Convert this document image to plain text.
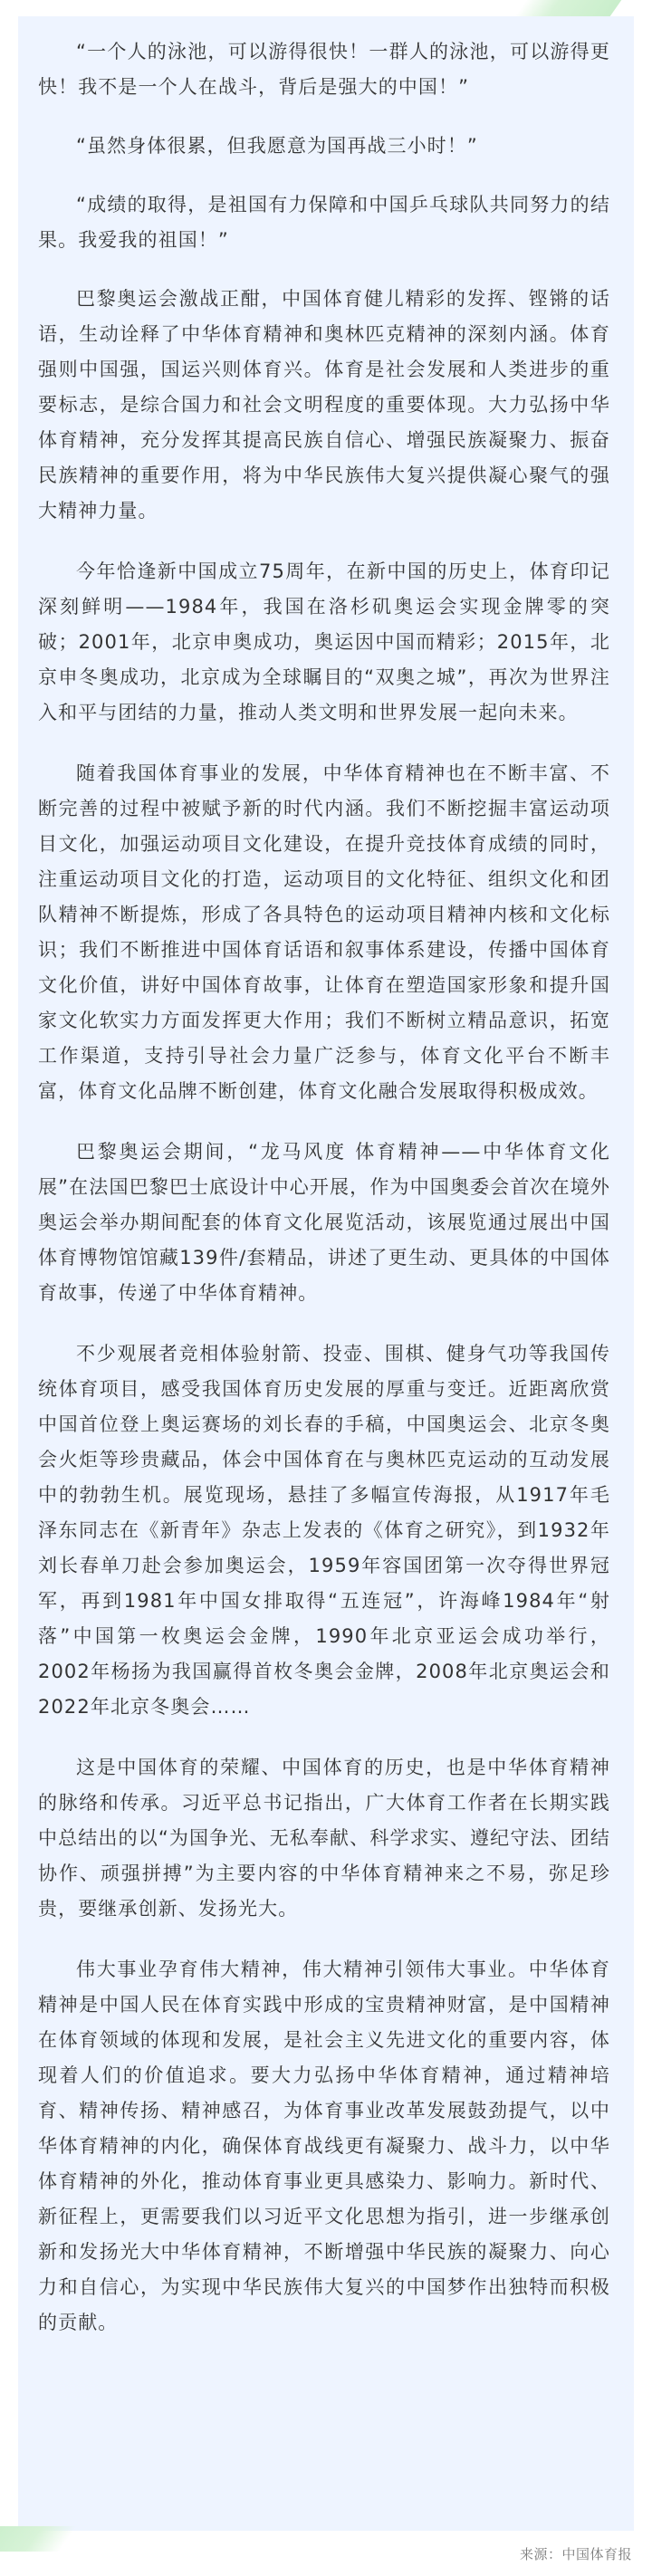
“一个人的泳池，可以游得很快！一群人的泳池，可以游得更快！我不是一个人在战斗，背后是强大的中国！”

“虽然身体很累，但我愿意为国再战三小时！”

“成绩的取得，是祖国有力保障和中国乒乓球队共同努力的结果。我爱我的祖国！”

巴黎奥运会激战正酣，中国体育健儿精彩的发挥、铿锵的话语，生动诠释了中华体育精神和奥林匹克精神的深刻内涵。体育强则中国强，国运兴则体育兴。体育是社会发展和人类进步的重要标志，是综合国力和社会文明程度的重要体现。大力弘扬中华体育精神，充分发挥其提高民族自信心、增强民族凝聚力、振奋民族精神的重要作用，将为中华民族伟大复兴提供凝心聚气的强大精神力量。

今年恰逢新中国成立75周年，在新中国的历史上，体育印记深刻鲜明——1984年，我国在洛杉矶奥运会实现金牌零的突破；2001年，北京申奥成功，奥运因中国而精彩；2015年，北京申冬奥成功，北京成为全球瞩目的“双奥之城”，再次为世界注入和平与团结的力量，推动人类文明和世界发展一起向未来。

随着我国体育事业的发展，中华体育精神也在不断丰富、不断完善的过程中被赋予新的时代内涵。我们不断挖掘丰富运动项目文化，加强运动项目文化建设，在提升竞技体育成绩的同时，注重运动项目文化的打造，运动项目的文化特征、组织文化和团队精神不断提炼，形成了各具特色的运动项目精神内核和文化标识；我们不断推进中国体育话语和叙事体系建设，传播中国体育文化价值，讲好中国体育故事，让体育在塑造国家形象和提升国家文化软实力方面发挥更大作用；我们不断树立精品意识，拓宽工作渠道，支持引导社会力量广泛参与，体育文化平台不断丰富，体育文化品牌不断创建，体育文化融合发展取得积极成效。

巴黎奥运会期间，“龙马风度 体育精神——中华体育文化展”在法国巴黎巴士底设计中心开展，作为中国奥委会首次在境外奥运会举办期间配套的体育文化展览活动，该展览通过展出中国体育博物馆馆藏139件/套精品，讲述了更生动、更具体的中国体育故事，传递了中华体育精神。

不少观展者竞相体验射箭、投壶、围棋、健身气功等我国传统体育项目，感受我国体育历史发展的厚重与变迁。近距离欣赏中国首位登上奥运赛场的刘长春的手稿，中国奥运会、北京冬奥会火炬等珍贵藏品，体会中国体育在与奥林匹克运动的互动发展中的勃勃生机。展览现场，悬挂了多幅宣传海报，从1917年毛泽东同志在《新青年》杂志上发表的《体育之研究》，到1932年刘长春单刀赴会参加奥运会，1959年容国团第一次夺得世界冠军，再到1981年中国女排取得“五连冠”，许海峰1984年“射落”中国第一枚奥运会金牌，1990年北京亚运会成功举行，2002年杨扬为我国赢得首枚冬奥会金牌，2008年北京奥运会和2022年北京冬奥会……

这是中国体育的荣耀、中国体育的历史，也是中华体育精神的脉络和传承。习近平总书记指出，广大体育工作者在长期实践中总结出的以“为国争光、无私奉献、科学求实、遵纪守法、团结协作、顽强拼搏”为主要内容的中华体育精神来之不易，弥足珍贵，要继承创新、发扬光大。

伟大事业孕育伟大精神，伟大精神引领伟大事业。中华体育精神是中国人民在体育实践中形成的宝贵精神财富，是中国精神在体育领域的体现和发展，是社会主义先进文化的重要内容，体现着人们的价值追求。要大力弘扬中华体育精神，通过精神培育、精神传扬、精神感召，为体育事业改革发展鼓劲提气，以中华体育精神的内化，确保体育战线更有凝聚力、战斗力，以中华体育精神的外化，推动体育事业更具感染力、影响力。新时代、新征程上，更需要我们以习近平文化思想为指引，进一步继承创新和发扬光大中华体育精神，不断增强中华民族的凝聚力、向心力和自信心，为实现中华民族伟大复兴的中国梦作出独特而积极的贡献。

来源：中国体育报
